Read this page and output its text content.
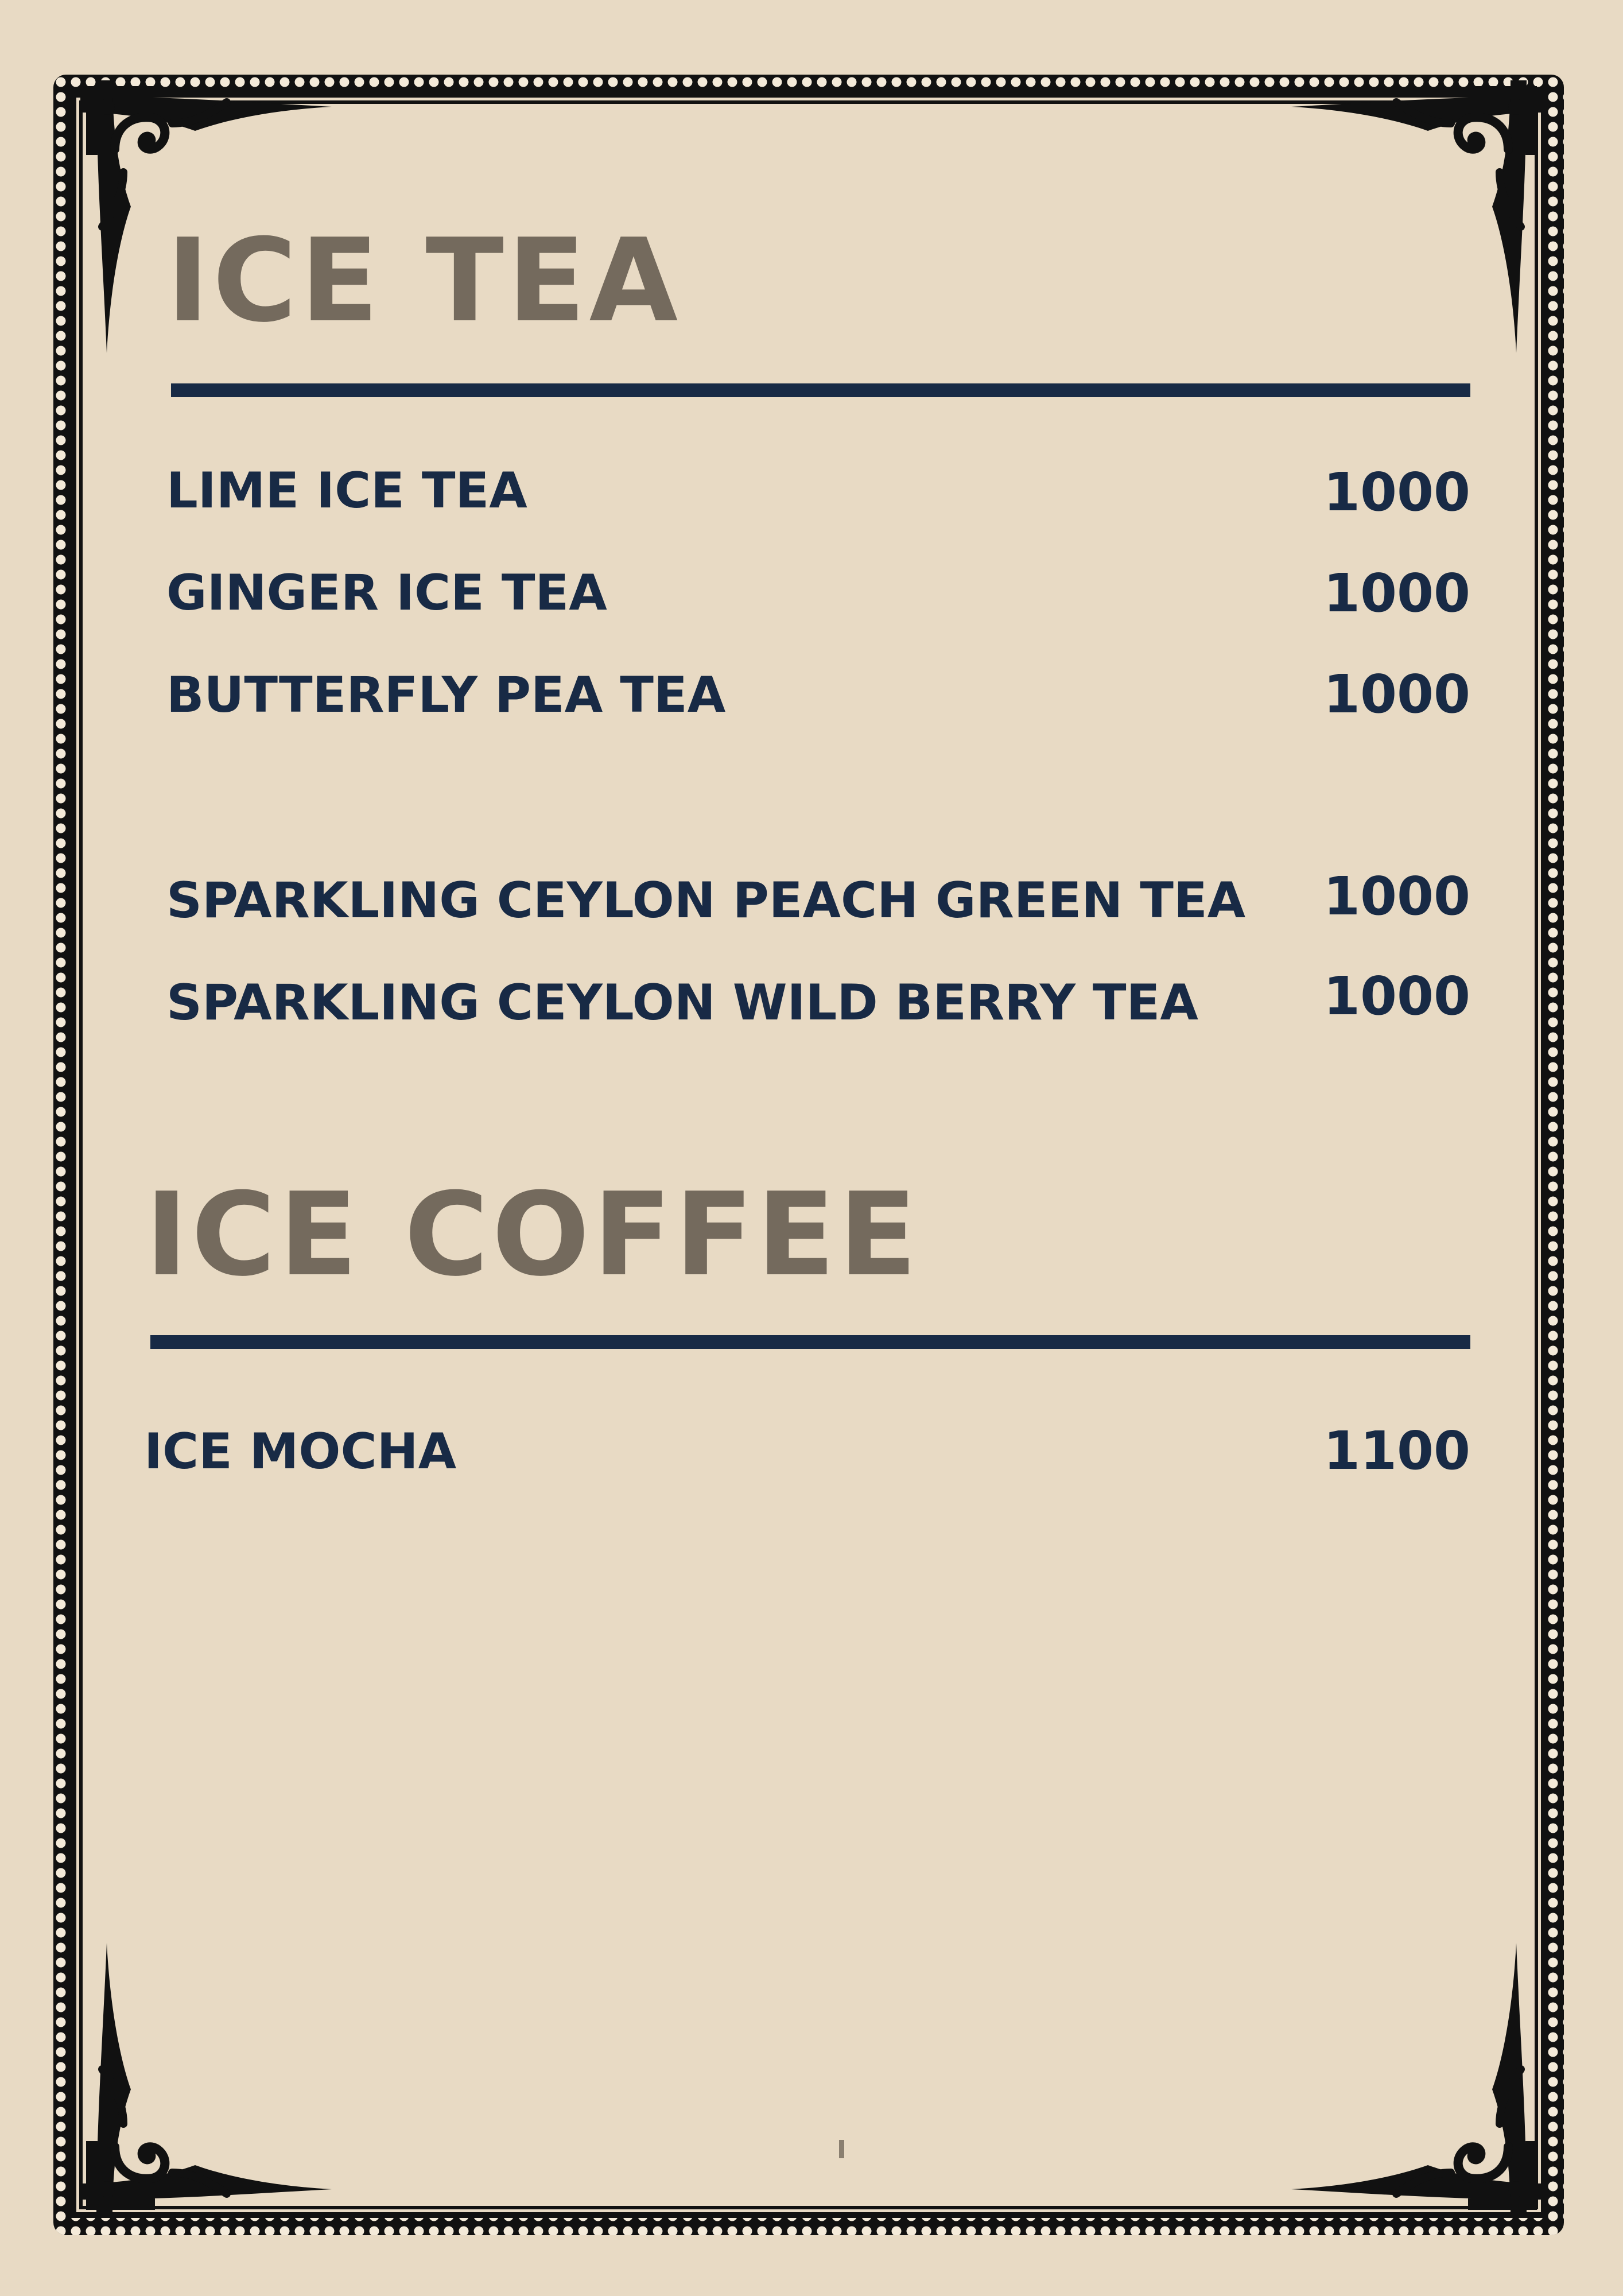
ICE TEA
LIME ICE TEA	1000
GINGER ICE TEA	1000
BUTTERFLY PEA TEA	1000
SPARKLING CEYLON PEACH GREEN TEA 1000
SPARKLING CEYLON WILD BERRY TEA 1000
ICE COFFEE
ICE MOCHA	1100
